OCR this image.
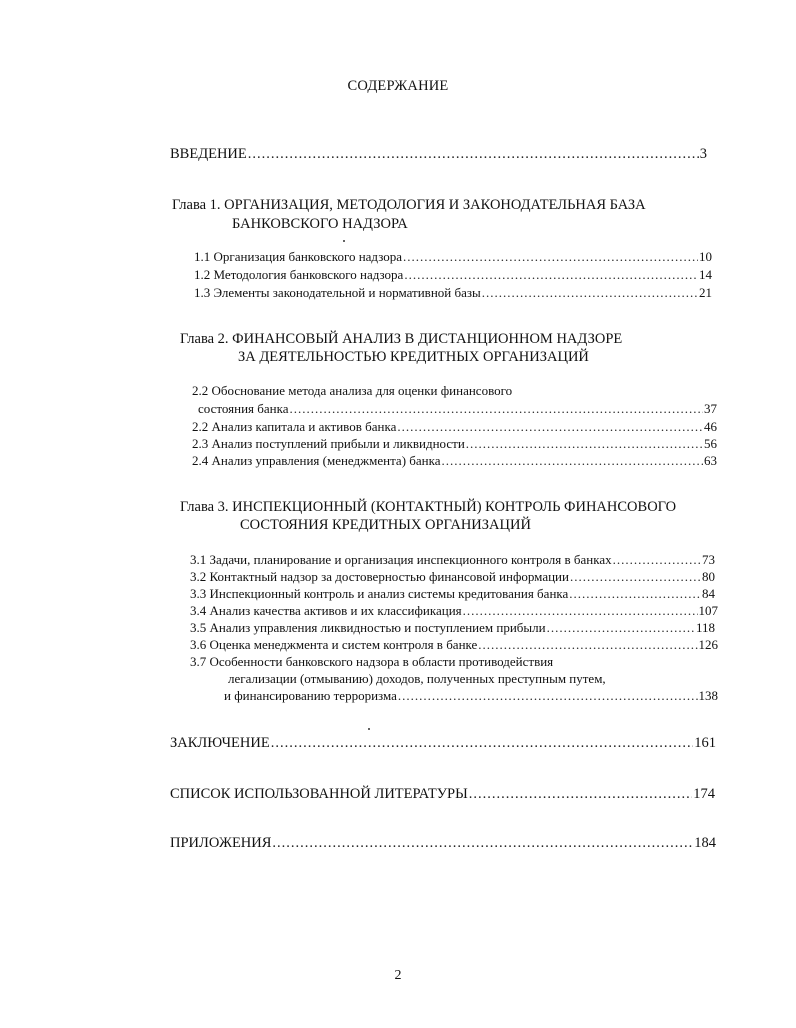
СОДЕРЖАНИЕ
ВВЕДЕНИЕ .....	3
Глава 1. ОРГАНИЗАЦИЯ, МЕТОДОЛОГИЯ И ЗАКОНОДАТЕЛЬНАЯ БАЗА
БАНКОВСКОГО НАДЗОРА
1.1 Организация банковского надзора .....	10
1.2 Методология банковского надзора .....	14
1.3 Элементы законодательной и нормативной базы .....	21
Глава 2. ФИНАНСОВЫЙ АНАЛИЗ В ДИСТАНЦИОННОМ НАДЗОРЕ
ЗА ДЕЯТЕЛЬНОСТЬЮ КРЕДИТНЫХ ОРГАНИЗАЦИЙ
2.2 Обоснование метода анализа для оценки финансового
состояния банка .....	37
2.2 Анализ капитала и активов банка .....	46
2.3 Анализ поступлений прибыли и ликвидности .....	56
2.4 Анализ управления (менеджмента) банка .....	63
Глава 3. ИНСПЕКЦИОННЫЙ (КОНТАКТНЫЙ) КОНТРОЛЬ ФИНАНСОВОГО
СОСТОЯНИЯ КРЕДИТНЫХ ОРГАНИЗАЦИЙ
3.1 Задачи, планирование и организация инспекционного контроля в банках .....	73
3.2 Контактный надзор за достоверностью финансовой информации .....	80
3.3 Инспекционный контроль и анализ системы кредитования банка .....	84
3.4 Анализ качества активов и их классификация .....	107
3.5 Анализ управления ликвидностью и поступлением прибыли .....	118
3.6 Оценка менеджмента и систем контроля в банке .....	126
3.7 Особенности банковского надзора в области противодействия
легализации (отмыванию) доходов, полученных преступным путем,
и финансированию терроризма .....	138
ЗАКЛЮЧЕНИЕ .....	161
СПИСОК ИСПОЛЬЗОВАННОЙ ЛИТЕРАТУРЫ .....	174
ПРИЛОЖЕНИЯ .....	184
2
